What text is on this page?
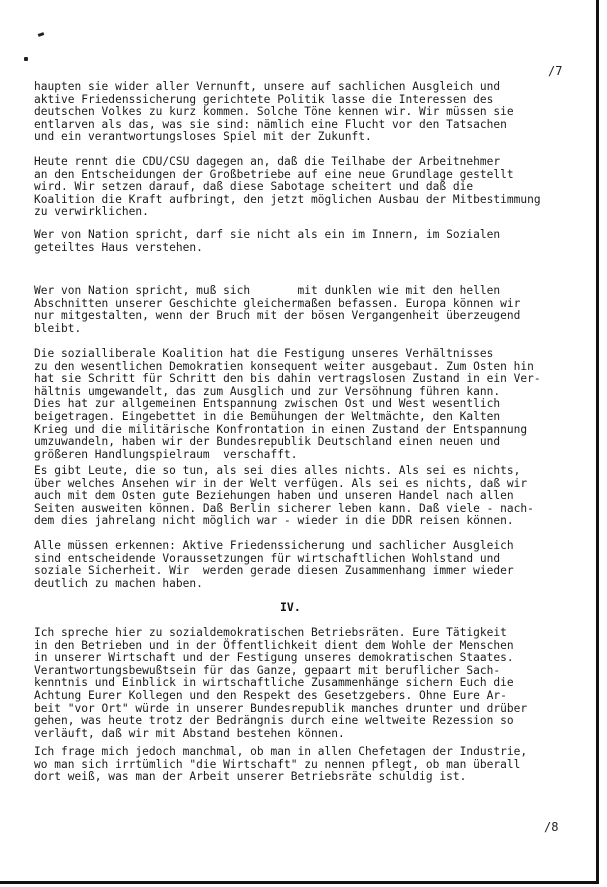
/7
haupten sie wider aller Vernunft, unsere auf sachlichen Ausgleich und
aktive Friedenssicherung gerichtete Politik lasse die Interessen des
deutschen Volkes zu kurz kommen. Solche Töne kennen wir. Wir müssen sie
entlarven als das, was sie sind: nämlich eine Flucht vor den Tatsachen
und ein verantwortungsloses Spiel mit der Zukunft.
Heute rennt die CDU/CSU dagegen an, daß die Teilhabe der Arbeitnehmer
an den Entscheidungen der Großbetriebe auf eine neue Grundlage gestellt
wird. Wir setzen darauf, daß diese Sabotage scheitert und daß die
Koalition die Kraft aufbringt, den jetzt möglichen Ausbau der Mitbestimmung
zu verwirklichen.
Wer von Nation spricht, darf sie nicht als ein im Innern, im Sozialen
geteiltes Haus verstehen.
Wer von Nation spricht, muß sich       mit dunklen wie mit den hellen
Abschnitten unserer Geschichte gleichermaßen befassen. Europa können wir
nur mitgestalten, wenn der Bruch mit der bösen Vergangenheit überzeugend
bleibt.
Die sozialliberale Koalition hat die Festigung unseres Verhältnisses
zu den wesentlichen Demokratien konsequent weiter ausgebaut. Zum Osten hin
hat sie Schritt für Schritt den bis dahin vertragslosen Zustand in ein Ver-
hältnis umgewandelt, das zum Ausglich und zur Versöhnung führen kann.
Dies hat zur allgemeinen Entspannung zwischen Ost und West wesentlich
beigetragen. Eingebettet in die Bemühungen der Weltmächte, den Kalten
Krieg und die militärische Konfrontation in einen Zustand der Entspannung
umzuwandeln, haben wir der Bundesrepublik Deutschland einen neuen und
größeren Handlungspielraum  verschafft.
Es gibt Leute, die so tun, als sei dies alles nichts. Als sei es nichts,
über welches Ansehen wir in der Welt verfügen. Als sei es nichts, daß wir
auch mit dem Osten gute Beziehungen haben und unseren Handel nach allen
Seiten ausweiten können. Daß Berlin sicherer leben kann. Daß viele - nach-
dem dies jahrelang nicht möglich war - wieder in die DDR reisen können.
Alle müssen erkennen: Aktive Friedenssicherung und sachlicher Ausgleich
sind entscheidende Voraussetzungen für wirtschaftlichen Wohlstand und
soziale Sicherheit. Wir  werden gerade diesen Zusammenhang immer wieder
deutlich zu machen haben.
IV.
Ich spreche hier zu sozialdemokratischen Betriebsräten. Eure Tätigkeit
in den Betrieben und in der Öffentlichkeit dient dem Wohle der Menschen
in unserer Wirtschaft und der Festigung unseres demokratischen Staates.
Verantwortungsbewußtsein für das Ganze, gepaart mit beruflicher Sach-
kenntnis und Einblick in wirtschaftliche Zusammenhänge sichern Euch die
Achtung Eurer Kollegen und den Respekt des Gesetzgebers. Ohne Eure Ar-
beit "vor Ort" würde in unserer Bundesrepublik manches drunter und drüber
gehen, was heute trotz der Bedrängnis durch eine weltweite Rezession so
verläuft, daß wir mit Abstand bestehen können.
Ich frage mich jedoch manchmal, ob man in allen Chefetagen der Industrie,
wo man sich irrtümlich "die Wirtschaft" zu nennen pflegt, ob man überall
dort weiß, was man der Arbeit unserer Betriebsräte schuldig ist.
/8
